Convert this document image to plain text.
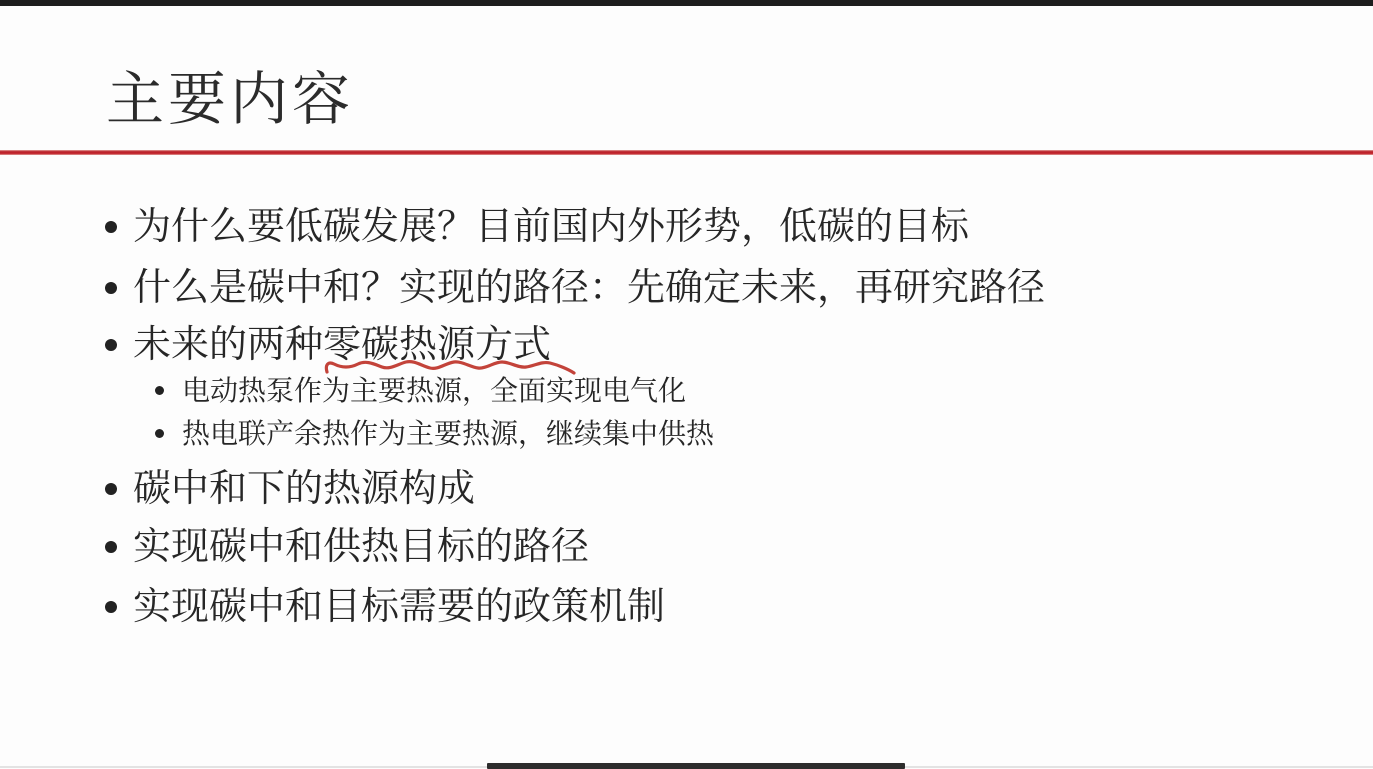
主要内容
为什么要低碳发展？目前国内外形势，低碳的目标
什么是碳中和？实现的路径：先确定未来，再研究路径
未来的两种零碳热源方式
电动热泵作为主要热源，全面实现电气化
热电联产余热作为主要热源，继续集中供热
碳中和下的热源构成
实现碳中和供热目标的路径
实现碳中和目标需要的政策机制
